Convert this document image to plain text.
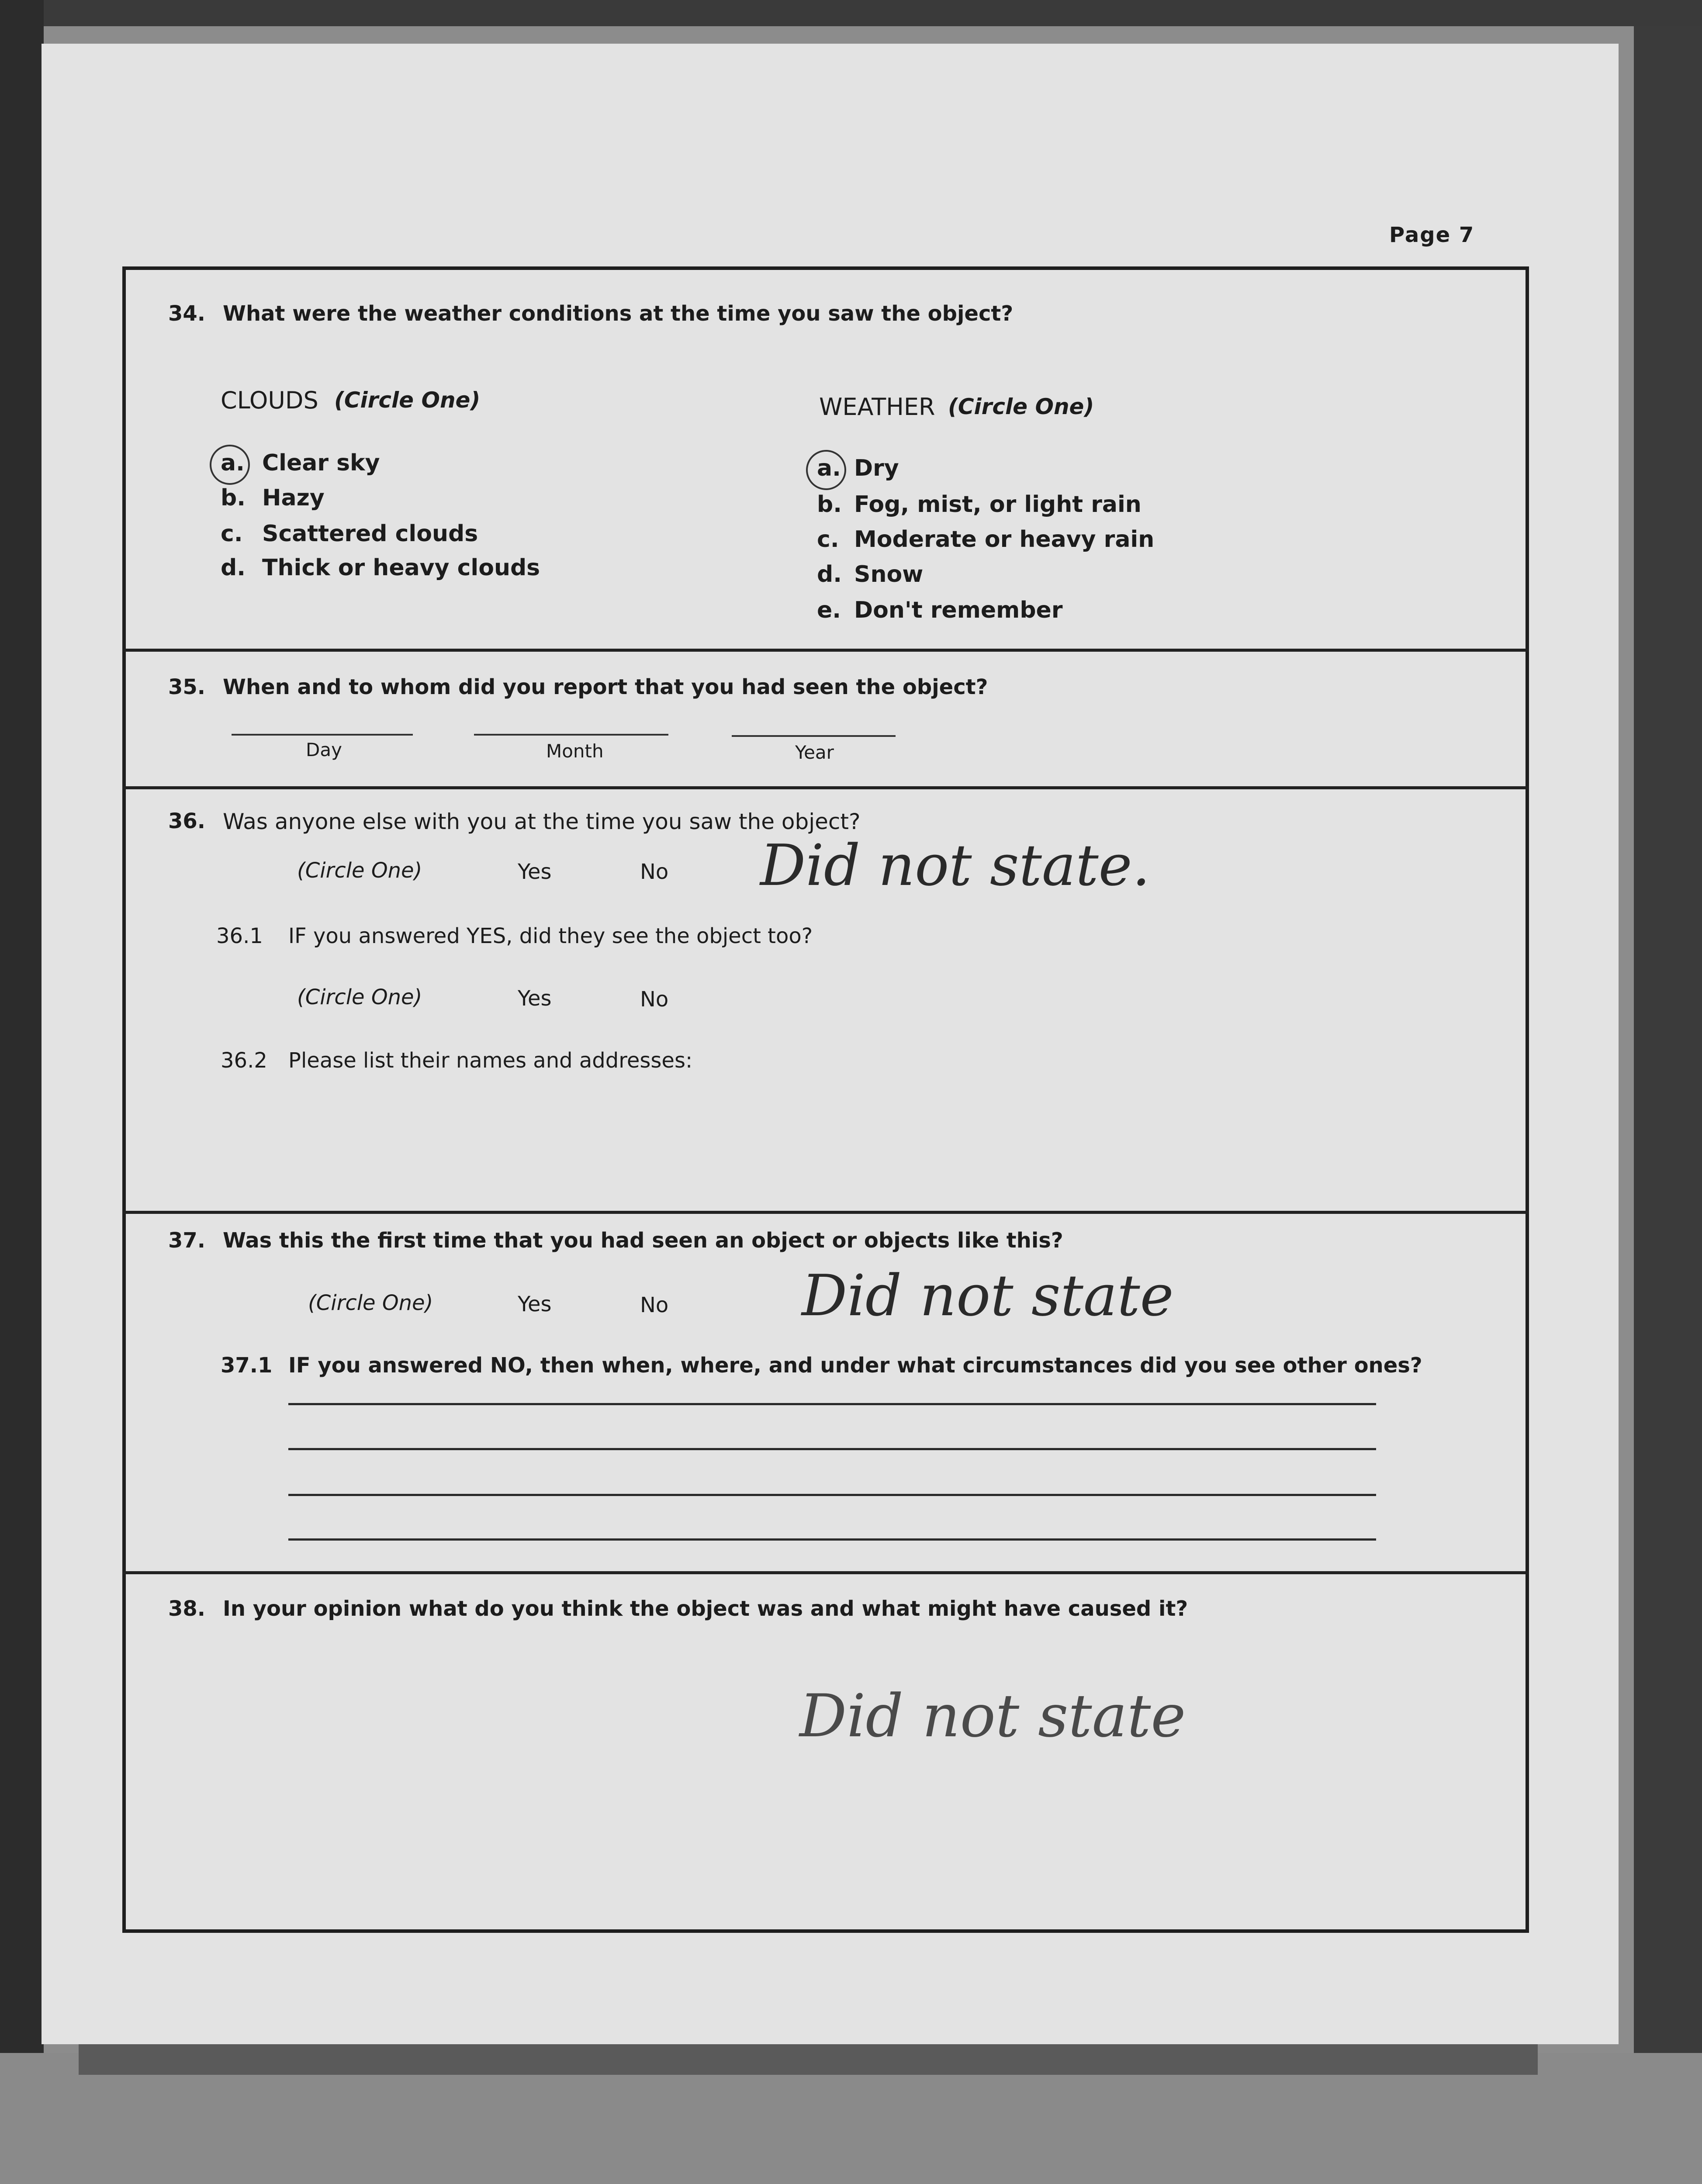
Page 7
34. What were the weather conditions at the time you saw the object?
CLOUDS (Circle One)
a. Clear sky
b. Hazy
c. Scattered clouds
d. Thick or heavy clouds
WEATHER (Circle One)
a. Dry
b. Fog, mist, or light rain
c. Moderate or heavy rain
d. Snow
e. Don't remember
35. When and to whom did you report that you had seen the object?
Day	Month	Year
36. Was anyone else with you at the time you saw the object?
(Circle One)	Yes	No Did not state.
36.1 IF you answered YES, did they see the object too?
(Circle One)	Yes	No
36.2 Please list their names and addresses:
37. Was this the first time that you had seen an object or objects like this?
(Circle One)	Yes	No Did not state
37.1 IF you answered NO, then when, where, and under what circumstances did you see other ones?
38. In your opinion what do you think the object was and what might have caused it?
Did not state
